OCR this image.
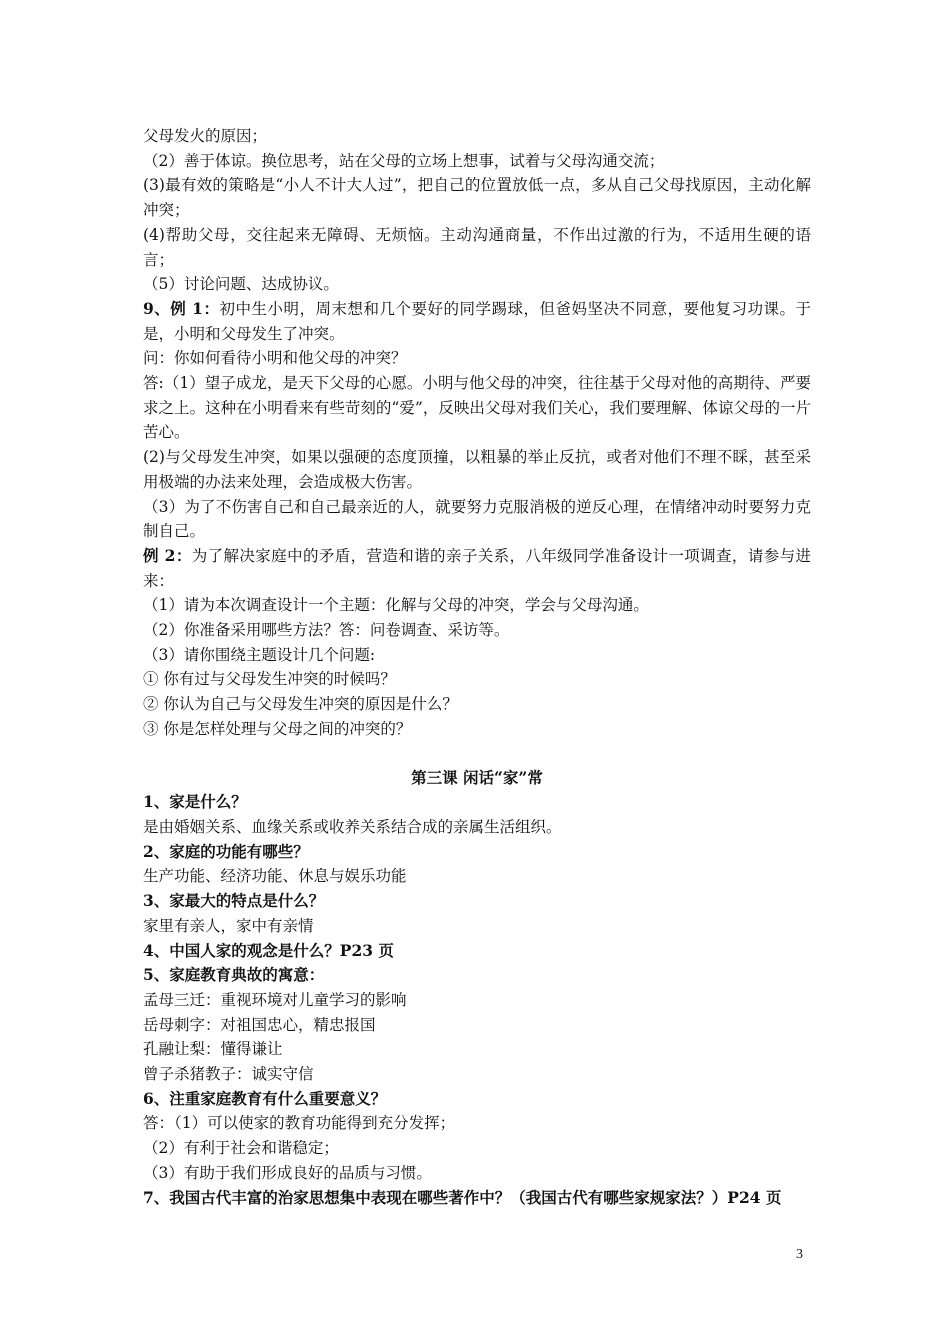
父母发火的原因；
（2）善于体谅。换位思考，站在父母的立场上想事，试着与父母沟通交流；
(3)最有效的策略是“小人不计大人过”，把自己的位置放低一点，多从自己父母找原因，主动化解冲突；
(4)帮助父母，交往起来无障碍、无烦恼。主动沟通商量，不作出过激的行为，不适用生硬的语言；
（5）讨论问题、达成协议。
9、例 1：初中生小明，周末想和几个要好的同学踢球，但爸妈坚决不同意，要他复习功课。于是，小明和父母发生了冲突。
问：你如何看待小明和他父母的冲突？
答:（1）望子成龙，是天下父母的心愿。小明与他父母的冲突，往往基于父母对他的高期待、严要求之上。这种在小明看来有些苛刻的“爱”，反映出父母对我们关心，我们要理解、体谅父母的一片苦心。
(2)与父母发生冲突，如果以强硬的态度顶撞，以粗暴的举止反抗，或者对他们不理不睬，甚至采用极端的办法来处理，会造成极大伤害。
（3）为了不伤害自己和自己最亲近的人，就要努力克服消极的逆反心理，在情绪冲动时要努力克制自己。
例 2：为了解决家庭中的矛盾，营造和谐的亲子关系，八年级同学准备设计一项调查，请参与进来：
（1）请为本次调查设计一个主题：化解与父母的冲突，学会与父母沟通。
（2）你准备采用哪些方法？答：问卷调查、采访等。
（3）请你围绕主题设计几个问题:
① 你有过与父母发生冲突的时候吗？
② 你认为自己与父母发生冲突的原因是什么？
③ 你是怎样处理与父母之间的冲突的？
第三课 闲话“家”常
1、家是什么？
是由婚姻关系、血缘关系或收养关系结合成的亲属生活组织。
2、家庭的功能有哪些？
生产功能、经济功能、休息与娱乐功能
3、家最大的特点是什么？
家里有亲人，家中有亲情
4、中国人家的观念是什么？P23 页
5、家庭教育典故的寓意：
孟母三迁：重视环境对儿童学习的影响
岳母刺字：对祖国忠心，精忠报国
孔融让梨：懂得谦让
曾子杀猪教子：诚实守信
6、注重家庭教育有什么重要意义？
答：（1）可以使家的教育功能得到充分发挥；
（2）有利于社会和谐稳定；
（3）有助于我们形成良好的品质与习惯。
7、我国古代丰富的治家思想集中表现在哪些著作中？（我国古代有哪些家规家法？）P24 页
3
